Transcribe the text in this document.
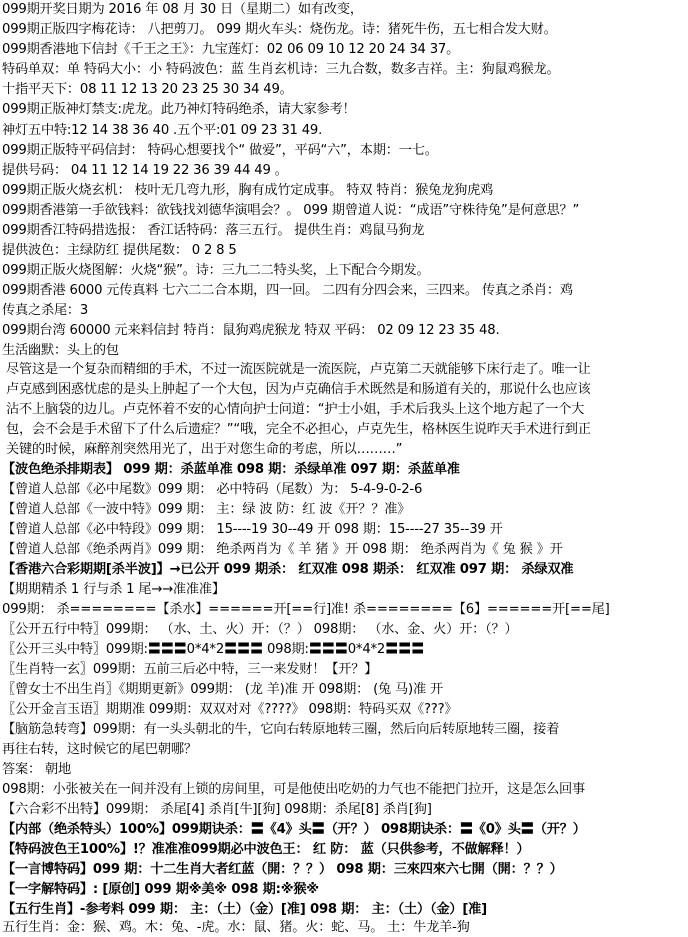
099期开奖日期为 2016 年 08 月 30 日（星期二）如有改变，
099期正版四字梅花诗： 八把剪刀。 099 期火车头：烧伤龙。诗：猪死牛伤，五七相合发大财。
099期香港地下信封《千王之王》：九宝莲灯：02 06 09 10 12 20 24 34 37。
特码单双：单 特码大小：小 特码波色：蓝 生肖玄机诗：三九合数，数多吉祥。主：狗鼠鸡猴龙。
十指平天下：08 11 12 13 20 23 25 30 34 49。
099期正版神灯禁支:虎龙。此乃神灯特码绝杀，请大家参考！
神灯五中特:12 14 38 36 40 .五个平:01 09 23 31 49.
099期正版特平码信封： 特码心想要找个“ 做爱”，平码“六”，本期：一七。
提供号码： 04 11 12 14 19 22 36 39 44 49 。
099期正版火烧玄机： 枝叶无几弯九形，胸有成竹定成事。 特双 特肖：猴兔龙狗虎鸡
099期香港第一手欲钱料：欲钱找刘德华演唱会？。 099 期曾道人说：“成语”守株待兔”是何意思？”
099期香江特码措选报： 香江话特码：落三五行。 提供生肖：鸡鼠马狗龙
提供波色：主绿防红 提供尾数： 0 2 8 5
099期正版火烧图解：火烧“猴”。诗：三九二二特头奖，上下配合今期发。
099期香港 6000 元传真料 七六二二合本期，四一回。 二四有分四会来，三四来。 传真之杀肖：鸡
传真之杀尾：3
099期台湾 60000 元来料信封 特肖：鼠狗鸡虎猴龙 特双 平码： 02 09 12 23 35 48.
生活幽默：头上的包
尽管这是一个复杂而精细的手术，不过一流医院就是一流医院，卢克第二天就能够下床行走了。唯一让
卢克感到困惑忧虑的是头上肿起了一个大包，因为卢克确信手术既然是和肠道有关的，那说什么也应该
沾不上脑袋的边儿。卢克怀着不安的心情向护士问道：“护士小姐，手术后我头上这个地方起了一个大
包，会不会是手术留下了什么后遗症？”“哦，完全不必担心，卢克先生，格林医生说昨天手术进行到正
关键的时候，麻醉剂突然用光了，出于对您生命的考虑，所以………”
【波色绝杀排期表】 099 期：杀蓝单准 098 期：杀绿单准 097 期：杀蓝单准
【曾道人总部《必中尾数》099 期： 必中特码（尾数）为： 5-4-9-0-2-6
【曾道人总部《一波中特》099 期： 主：绿 波 防：红 波《开？？准》
【曾道人总部《必中特段》099 期： 15----19 30--49 开 098 期：15----27 35--39 开
【曾道人总部《绝杀两肖》099 期： 绝杀两肖为《 羊 猪 》开 098 期： 绝杀两肖为《 兔 猴 》开
【香港六合彩期期[杀半波]】→已公开 099 期杀： 红双准 098 期杀： 红双准 097 期： 杀绿双准
【期期精杀 1 行与杀 1 尾→→准准准】
099期： 杀========【杀水】======开[==行]准! 杀========【6】======开[==尾]
〖公开五行中特〗099期： （水、土、火）开：（？） 098期： （水、金、火）开：（？）
〖公开三头中特〗099期:〓〓〓0*4*2〓〓〓 098期:〓〓〓0*4*2〓〓〓
〖生肖特一玄〗099期：五前三后必中特，三一来发财！【开？】
〖曾女士不出生肖〗《期期更新》099期： (龙 羊)准 开 098期： (兔 马)准 开
〖公开金言玉语〗期期准 099期：双双对对《????》 098期：特码买双《???》
【脑筋急转弯】099期：有一头头朝北的牛，它向右转原地转三圈，然后向后转原地转三圈，接着
再往右转，这时候它的尾巴朝哪？
答案： 朝地
098期：小张被关在一间并没有上锁的房间里，可是他使出吃奶的力气也不能把门拉开，这是怎么回事
【六合彩不出特】099期： 杀尾[4] 杀肖[牛][狗] 098期：杀尾[8] 杀肖[狗]
【内部（绝杀特头）100%】099期诀杀：〓《4》头〓（开？） 098期诀杀：〓《0》头〓（开？）
【特码波色王100%】!？准准准099期必中波色王： 红 防： 蓝（只供参考，不做解释！）
【一言博特码】099 期：十二生肖大者红蓝（開：？？） 098 期：三來四來六七開（開：？？）
【一字解特码】: [原创] 099 期※美※ 098 期:※猴※
【五行生肖】-参考料 099 期： 主：（土）（金）[准] 098 期： 主：（土）（金）[准]
五行生肖：金：猴、鸡。木：兔、-虎。水：鼠、猪。火：蛇、马。 土：牛龙羊-狗
